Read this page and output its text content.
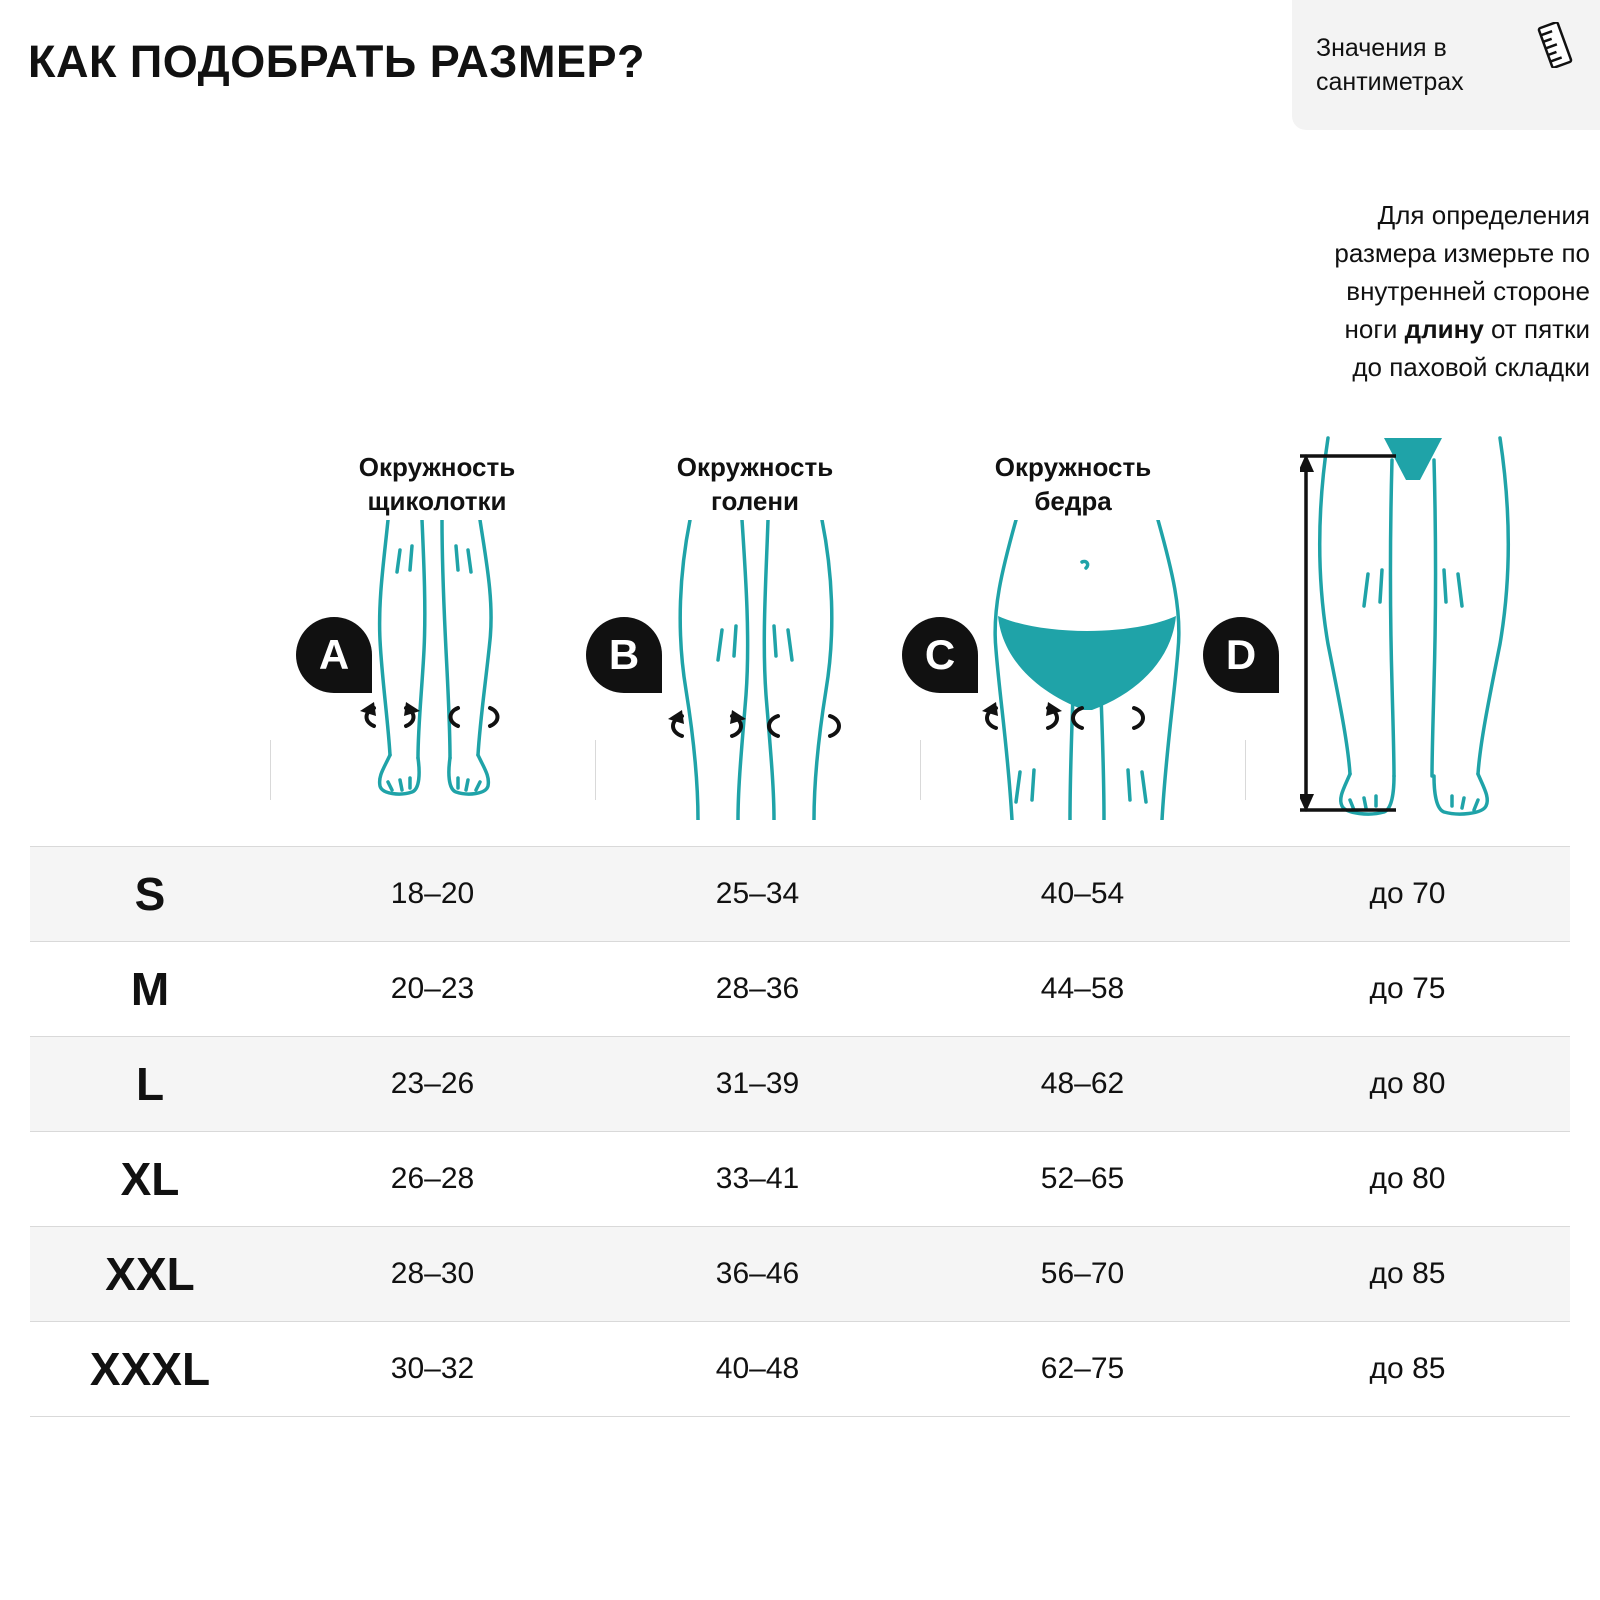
КАК ПОДОБРАТЬ РАЗМЕР?	Значения в сантиметрах
Для определения
размера измерьте по
внутренней стороне
ноги длину от пятки
до паховой складки
Окружность
щиколотки
Окружность
голени
Окружность
бедра
A	B	C	D
Размер				
S	18–20	25–34	40–54	до 70
M	20–23	28–36	44–58	до 75
L	23–26	31–39	48–62	до 80
XL	26–28	33–41	52–65	до 80
XXL	28–30	36–46	56–70	до 85
XXXL	30–32	40–48	62–75	до 85
